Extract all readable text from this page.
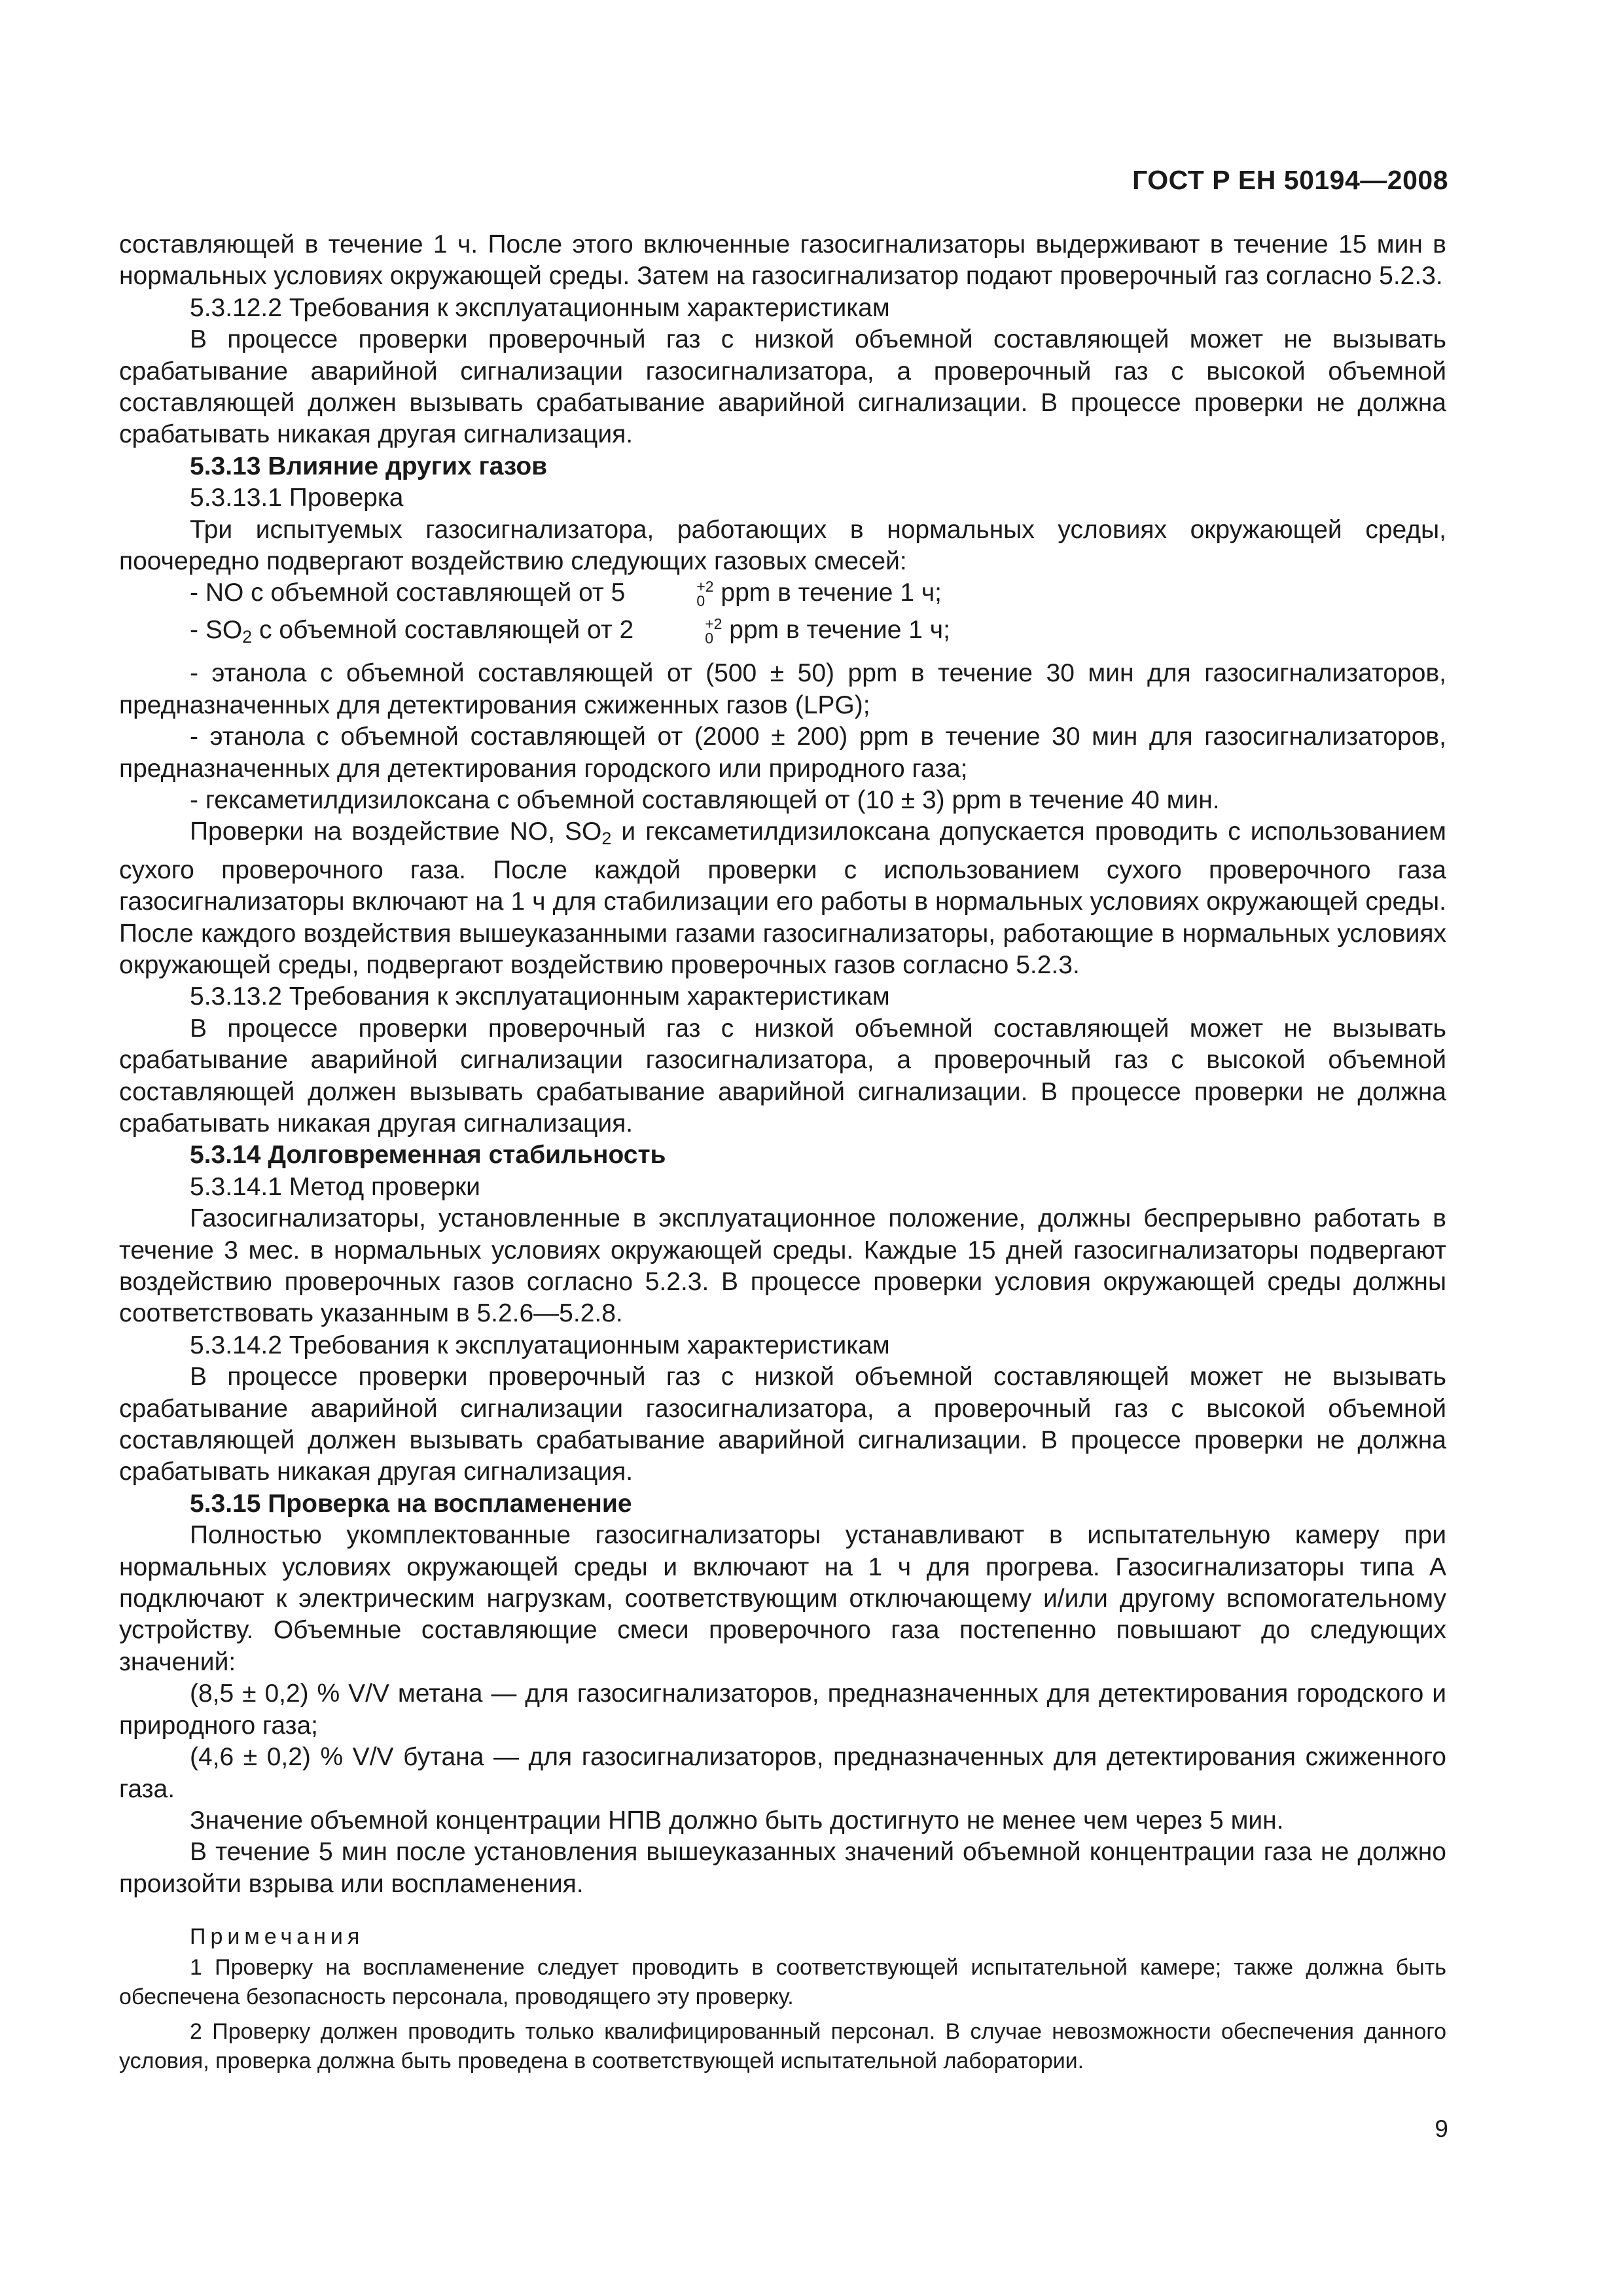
ГОСТ Р ЕН 50194—2008

составляющей в течение 1 ч. После этого включенные газосигнализаторы выдерживают в течение 15 мин в нормальных условиях окружающей среды. Затем на газосигнализатор подают проверочный газ согласно 5.2.3.

5.3.12.2 Требования к эксплуатационным характеристикам

В процессе проверки проверочный газ с низкой объемной составляющей может не вызывать срабатывание аварийной сигнализации газосигнализатора, а проверочный газ с высокой объемной составляющей должен вызывать срабатывание аварийной сигнализации. В процессе проверки не должна срабатывать никакая другая сигнализация.

5.3.13 Влияние других газов

5.3.13.1 Проверка

Три испытуемых газосигнализатора, работающих в нормальных условиях окружающей среды, поочередно подвергают воздействию следующих газовых смесей:

- NO с объемной составляющей от 5	+2
0 ppm в течение 1 ч;

- $SO_2$ с объемной составляющей от 2	+2
0 ppm в течение 1 ч;

- этанола с объемной составляющей от (500 ± 50) ppm в течение 30 мин для газосигнализаторов, предназначенных для детектирования сжиженных газов (LPG);

- этанола с объемной составляющей от (2000 ± 200) ppm в течение 30 мин для газосигнализаторов, предназначенных для детектирования городского или природного газа;

- гексаметилдизилоксана с объемной составляющей от (10 ± 3) ppm в течение 40 мин.

Проверки на воздействие NO, $SO_2$ и гексаметилдизилоксана допускается проводить с использованием сухого проверочного газа. После каждой проверки с использованием сухого проверочного газа газосигнализаторы включают на 1 ч для стабилизации его работы в нормальных условиях окружающей среды. После каждого воздействия вышеуказанными газами газосигнализаторы, работающие в нормальных условиях окружающей среды, подвергают воздействию проверочных газов согласно 5.2.3.

5.3.13.2 Требования к эксплуатационным характеристикам

В процессе проверки проверочный газ с низкой объемной составляющей может не вызывать срабатывание аварийной сигнализации газосигнализатора, а проверочный газ с высокой объемной составляющей должен вызывать срабатывание аварийной сигнализации. В процессе проверки не должна срабатывать никакая другая сигнализация.

5.3.14 Долговременная стабильность

5.3.14.1 Метод проверки

Газосигнализаторы, установленные в эксплуатационное положение, должны беспрерывно работать в течение 3 мес. в нормальных условиях окружающей среды. Каждые 15 дней газосигнализаторы подвергают воздействию проверочных газов согласно 5.2.3. В процессе проверки условия окружающей среды должны соответствовать указанным в 5.2.6—5.2.8.

5.3.14.2 Требования к эксплуатационным характеристикам

В процессе проверки проверочный газ с низкой объемной составляющей может не вызывать срабатывание аварийной сигнализации газосигнализатора, а проверочный газ с высокой объемной составляющей должен вызывать срабатывание аварийной сигнализации. В процессе проверки не должна срабатывать никакая другая сигнализация.

5.3.15 Проверка на воспламенение

Полностью укомплектованные газосигнализаторы устанавливают в испытательную камеру при нормальных условиях окружающей среды и включают на 1 ч для прогрева. Газосигнализаторы типа А подключают к электрическим нагрузкам, соответствующим отключающему и/или другому вспомогательному устройству. Объемные составляющие смеси проверочного газа постепенно повышают до следующих значений:

(8,5 ± 0,2) % V/V метана — для газосигнализаторов, предназначенных для детектирования городского и природного газа;

(4,6 ± 0,2) % V/V бутана — для газосигнализаторов, предназначенных для детектирования сжиженного газа.

Значение объемной концентрации НПВ должно быть достигнуто не менее чем через 5 мин.

В течение 5 мин после установления вышеуказанных значений объемной концентрации газа не должно произойти взрыва или воспламенения.

Примечания

1 Проверку на воспламенение следует проводить в соответствующей испытательной камере; также должна быть обеспечена безопасность персонала, проводящего эту проверку.

2 Проверку должен проводить только квалифицированный персонал. В случае невозможности обеспечения данного условия, проверка должна быть проведена в соответствующей испытательной лаборатории.

9
